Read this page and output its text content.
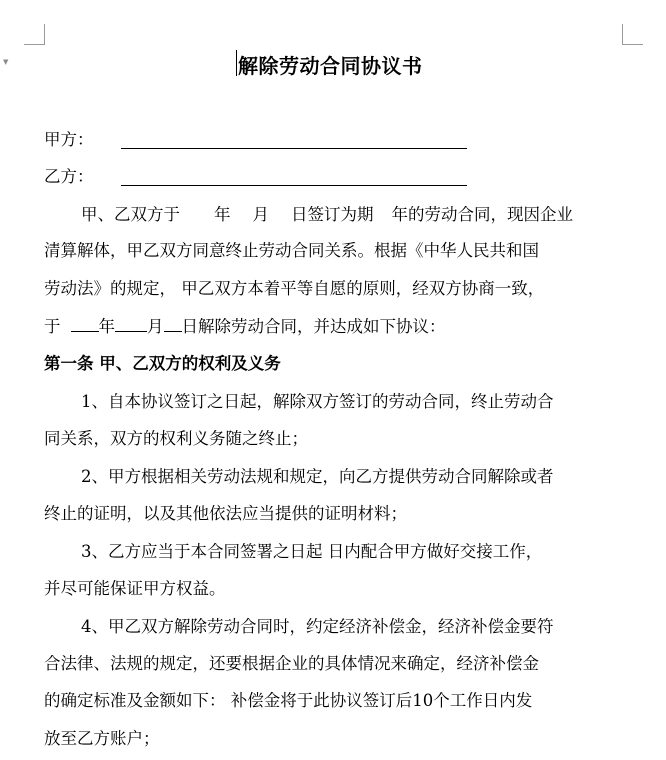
▼	解除劳动合同协议书
甲方：
乙方：
甲、乙双方于 年 月 日签订为期 年的劳动合同，现因企业
清算解体，甲乙双方同意终止劳动合同关系。根据《中华人民共和国
劳动法》的规定， 甲乙双方本着平等自愿的原则，经双方协商一致，
于 年 月 日解除劳动合同，并达成如下协议：
第一条 甲、乙双方的权利及义务
1、自本协议签订之日起，解除双方签订的劳动合同，终止劳动合
同关系，双方的权利义务随之终止；
2、甲方根据相关劳动法规和规定，向乙方提供劳动合同解除或者
终止的证明，以及其他依法应当提供的证明材料；
3、乙方应当于本合同签署之日起 日内配合甲方做好交接工作，
并尽可能保证甲方权益。
4、甲乙双方解除劳动合同时，约定经济补偿金，经济补偿金要符
合法律、法规的规定，还要根据企业的具体情况来确定，经济补偿金
的确定标准及金额如下： 补偿金将于此协议签订后10个工作日内发
放至乙方账户；
